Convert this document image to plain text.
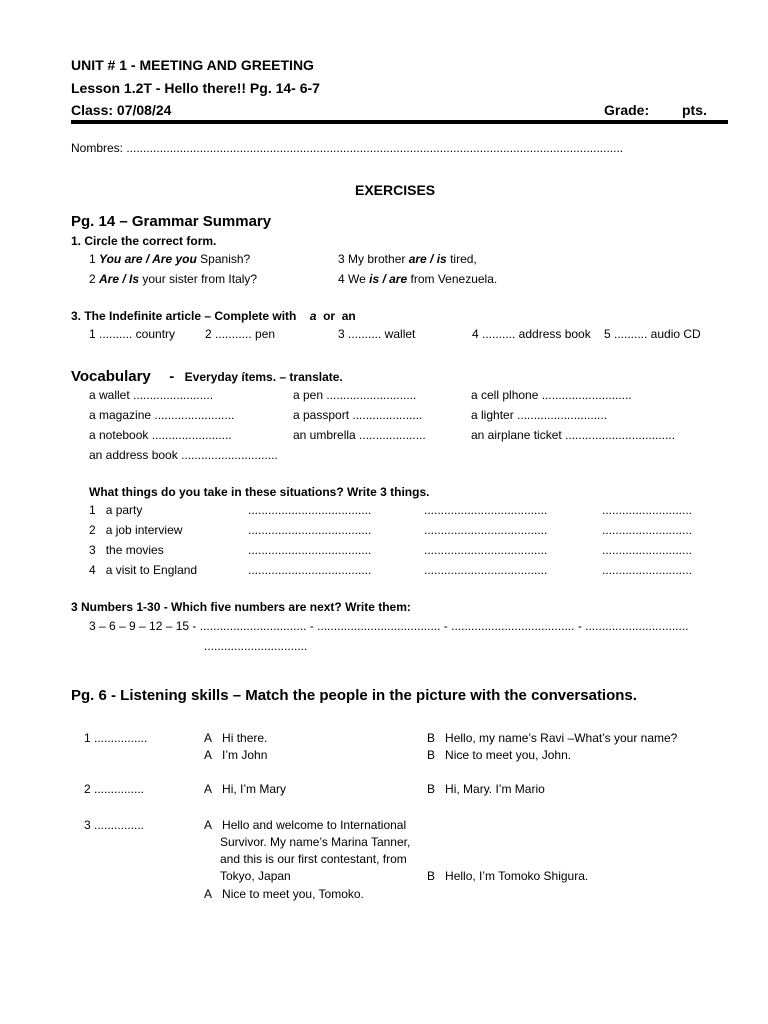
UNIT # 1 - MEETING AND GREETING
Lesson 1.2T - Hello there!! Pg. 14- 6-7
Class: 07/08/24	Grade: pts.
Nombres: .....................................................................................................................................................
EXERCISES
Pg. 14 – Grammar Summary
1. Circle the correct form.
1 You are / Are you Spanish?	3 My brother are / is tired,
2 Are / Is your sister from Italy?	4 We is / are from Venezuela.
3. The Indefinite article – Complete with a or an
1 .......... country 2 ........... pen	3 .......... wallet	4 .......... address book 5 .......... audio CD
Vocabulary - Everyday ítems. – translate.
a wallet ........................	a pen ...........................	a cell plhone ...........................
a magazine ........................	a passport .....................	a lighter ...........................
a notebook ........................	an umbrella ....................	an airplane ticket .................................
an address book .............................
What things do you take in these situations? Write 3 things.
1 a party	.....................................	.....................................	...........................
2 a job interview	.....................................	.....................................	...........................
3 the movies	.....................................	.....................................	...........................
4 a visit to England	.....................................	.....................................	...........................
3 Numbers 1-30 - Which five numbers are next? Write them:
3 – 6 – 9 – 12 – 15 - ................................ - ..................................... - ..................................... - ...............................
...............................
Pg. 6 - Listening skills – Match the people in the picture with the conversations.
1 ................	A Hi there.	B Hello, my name’s Ravi –What’s your name?
A I’m John	B Nice to meet you, John.
2 ...............	A Hi, I’m Mary	B Hi, Mary. I’m Mario
3 ...............	A Hello and welcome to International
Survivor. My name’s Marina Tanner,
and this is our first contestant, from
Tokyo, Japan	B Hello, I’m Tomoko Shigura.
A Nice to meet you, Tomoko.
